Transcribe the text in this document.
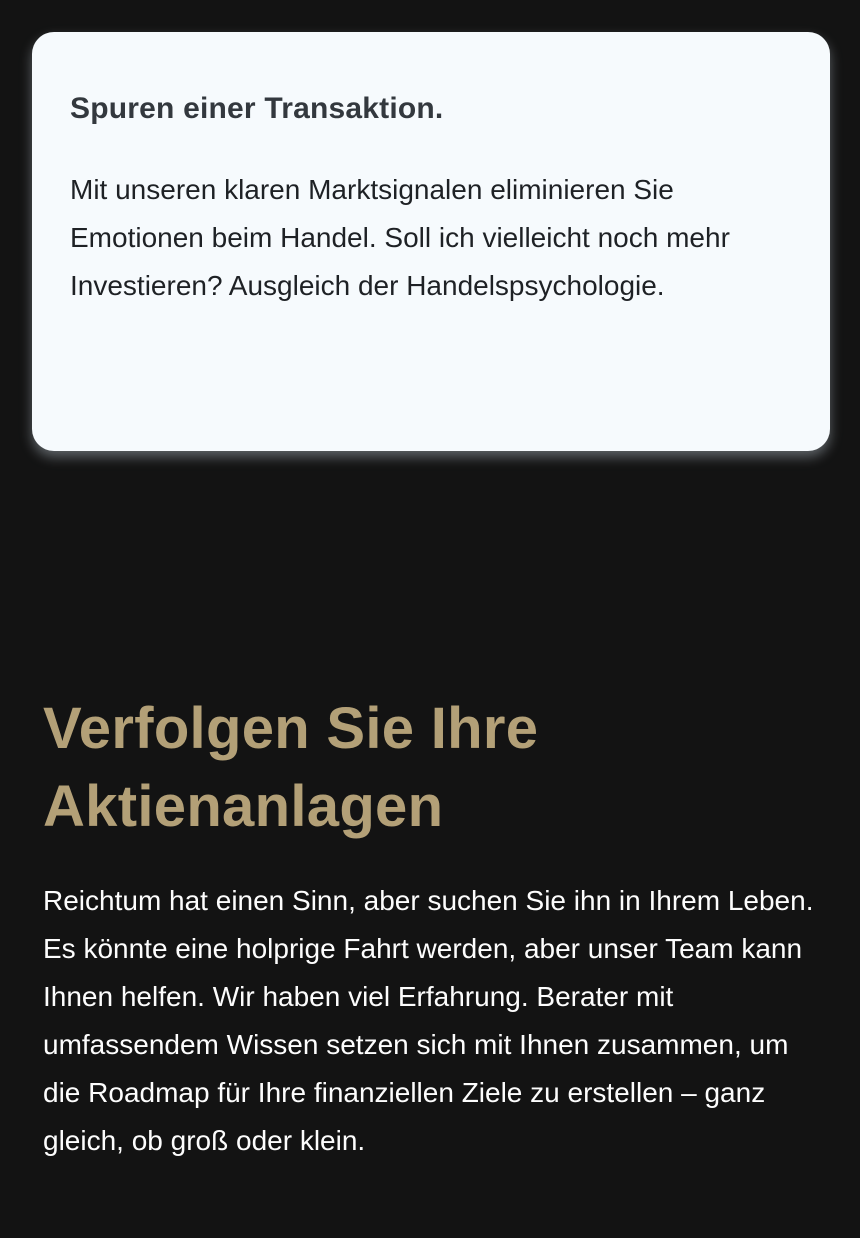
Spuren einer Transaktion.

Mit unseren klaren Marktsignalen eliminieren Sie Emotionen beim Handel. Soll ich vielleicht noch mehr Investieren? Ausgleich der Handelspsychologie.

Verfolgen Sie Ihre Aktienanlagen

Reichtum hat einen Sinn, aber suchen Sie ihn in Ihrem Leben. Es könnte eine holprige Fahrt werden, aber unser Team kann Ihnen helfen. Wir haben viel Erfahrung. Berater mit umfassendem Wissen setzen sich mit Ihnen zusammen, um die Roadmap für Ihre finanziellen Ziele zu erstellen – ganz gleich, ob groß oder klein.
